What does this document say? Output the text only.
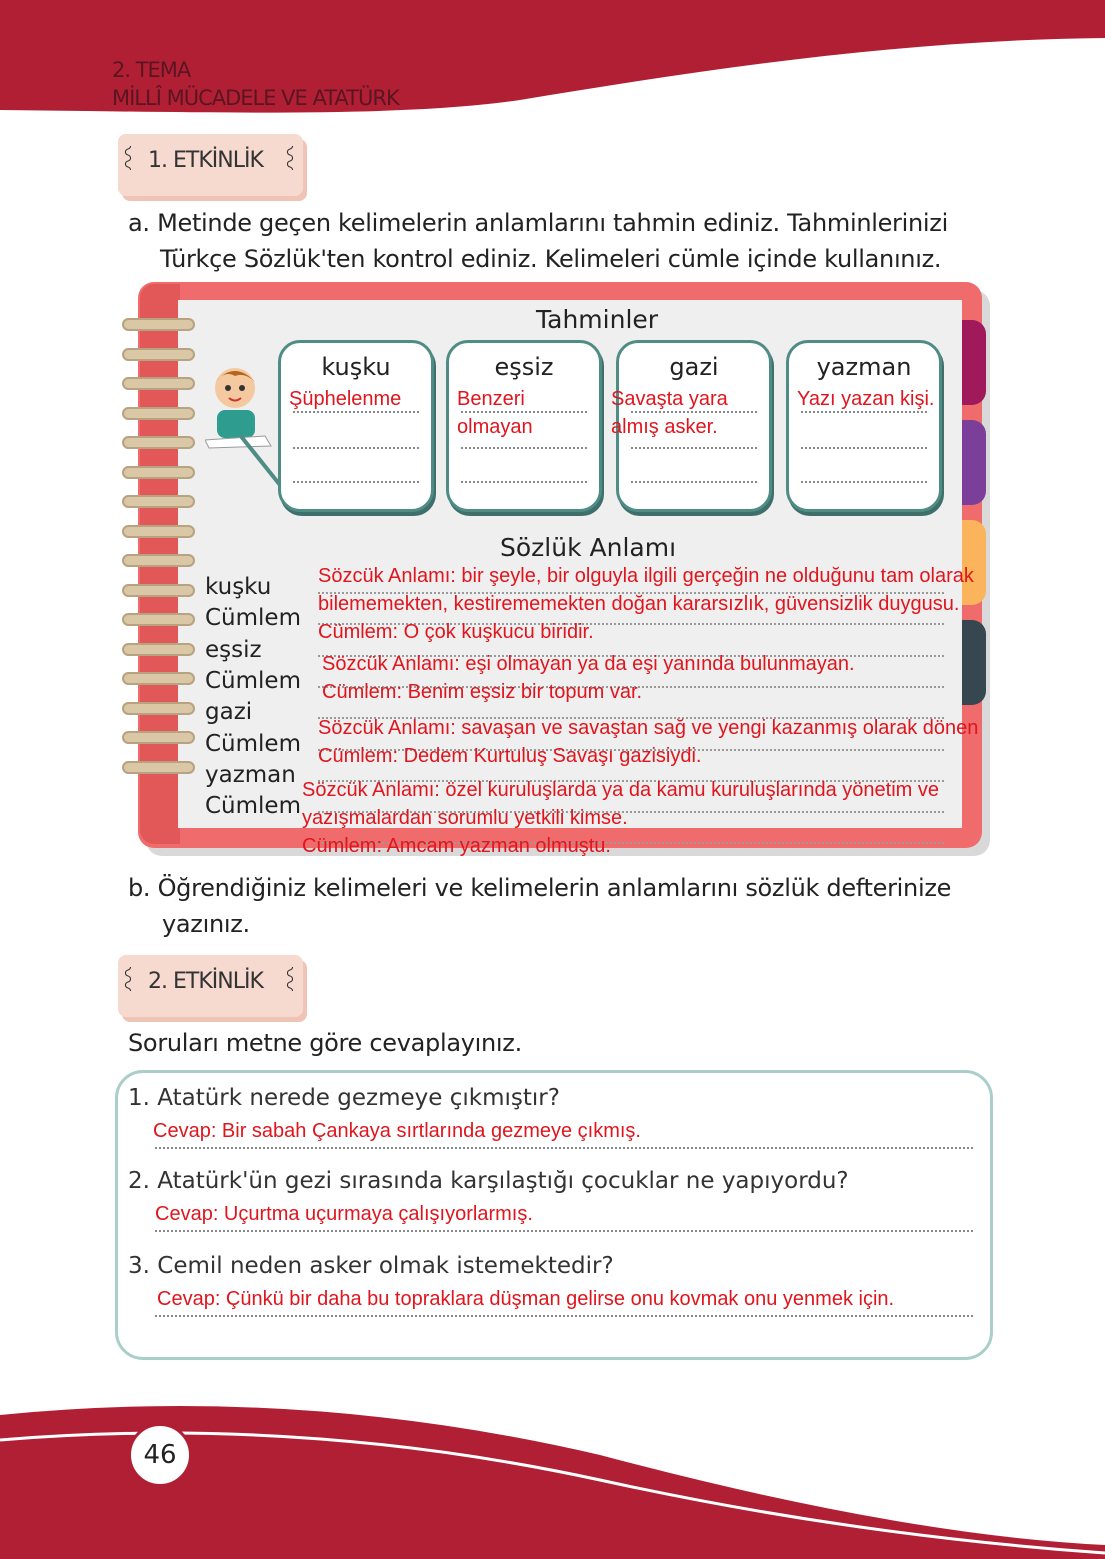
2. TEMA
MİLLÎ MÜCADELE VE ATATÜRK
〰 1. ETKİNLİK 〰
a. Metinde geçen kelimelerin anlamlarını tahmin ediniz. Tahminlerinizi
Türkçe Sözlük'ten kontrol ediniz. Kelimeleri cümle içinde kullanınız.
Tahminler
kuşku
Şüphelenme
eşsiz
Benzeri olmayan
gazi
Savaşta yara almış asker.
yazman
Yazı yazan kişi.
Sözlük Anlamı
kuşku
Cümlem
eşsiz
Cümlem
gazi
Cümlem
yazman
Cümlem
Sözcük Anlamı: bir şeyle, bir olguyla ilgili gerçeğin ne olduğunu tam olarak
bilememekten, kestirememekten doğan kararsızlık, güvensizlik duygusu.
Cümlem: O çok kuşkucu biridir.
Sözcük Anlamı: eşi olmayan ya da eşi yanında bulunmayan.
Cümlem: Benim eşsiz bir topum var.
Sözcük Anlamı: savaşan ve savaştan sağ ve yengi kazanmış olarak dönen
Cümlem: Dedem Kurtuluş Savaşı gazisiydi.
Sözcük Anlamı: özel kuruluşlarda ya da kamu kuruluşlarında yönetim ve
yazışmalardan sorumlu yetkili kimse.
Cümlem: Amcam yazman olmuştu.
b. Öğrendiğiniz kelimeleri ve kelimelerin anlamlarını sözlük defterinize
yazınız.
〰 2. ETKİNLİK 〰
Soruları metne göre cevaplayınız.
1. Atatürk nerede gezmeye çıkmıştır?
Cevap: Bir sabah Çankaya sırtlarında gezmeye çıkmış.
2. Atatürk'ün gezi sırasında karşılaştığı çocuklar ne yapıyordu?
Cevap: Uçurtma uçurmaya çalışıyorlarmış.
3. Cemil neden asker olmak istemektedir?
Cevap: Çünkü bir daha bu topraklara düşman gelirse onu kovmak onu yenmek için.
46
